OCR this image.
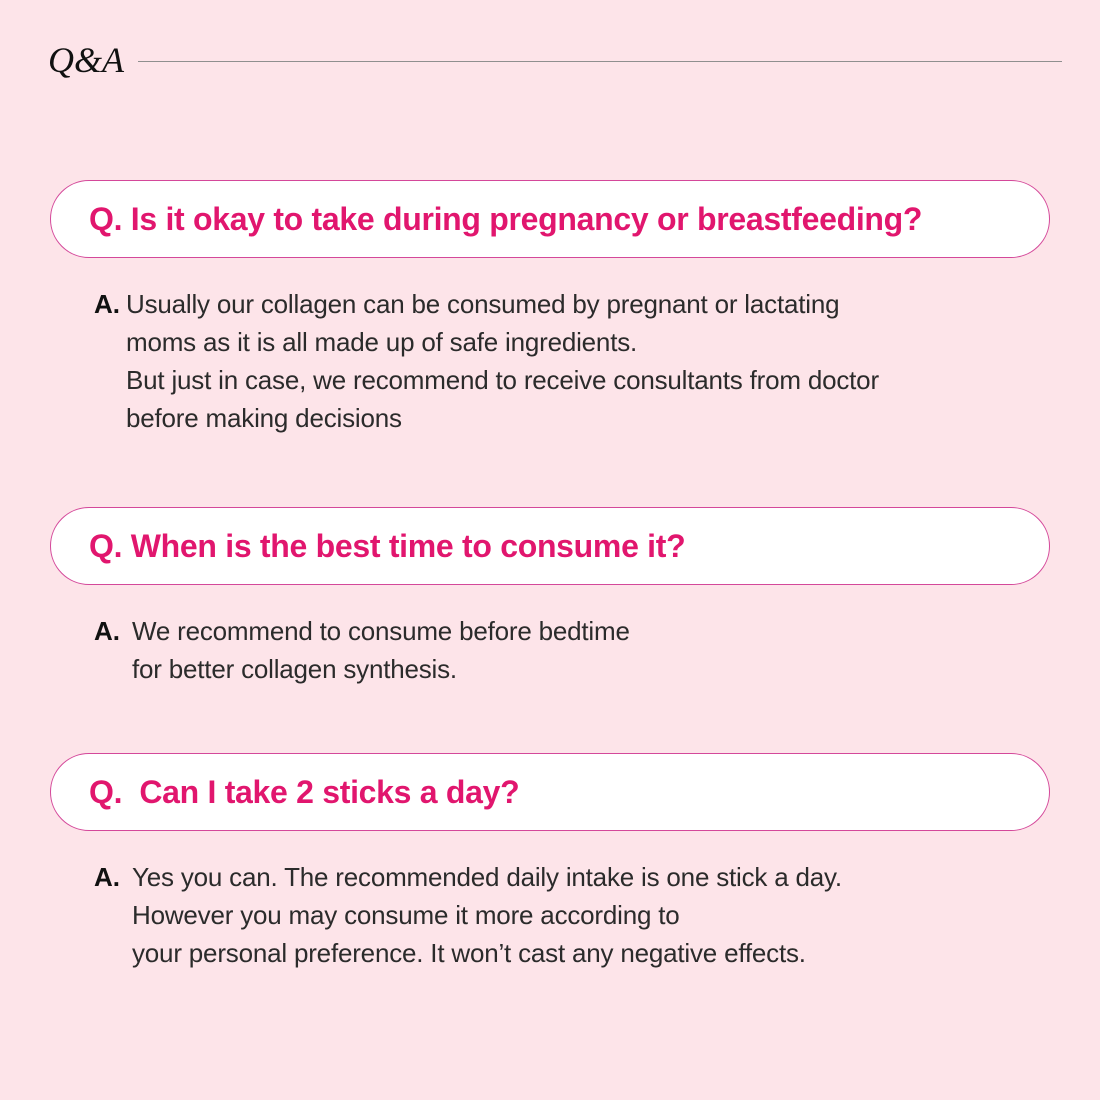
Q&A
Q. Is it okay to take during pregnancy or breastfeeding?
A. Usually our collagen can be consumed by pregnant or lactating
moms as it is all made up of safe ingredients.
But just in case, we recommend to receive consultants from doctor
before making decisions
Q. When is the best time to consume it?
A. We recommend to consume before bedtime
for better collagen synthesis.
Q.  Can I take 2 sticks a day?
A. Yes you can. The recommended daily intake is one stick a day.
However you may consume it more according to
your personal preference. It won’t cast any negative effects.
